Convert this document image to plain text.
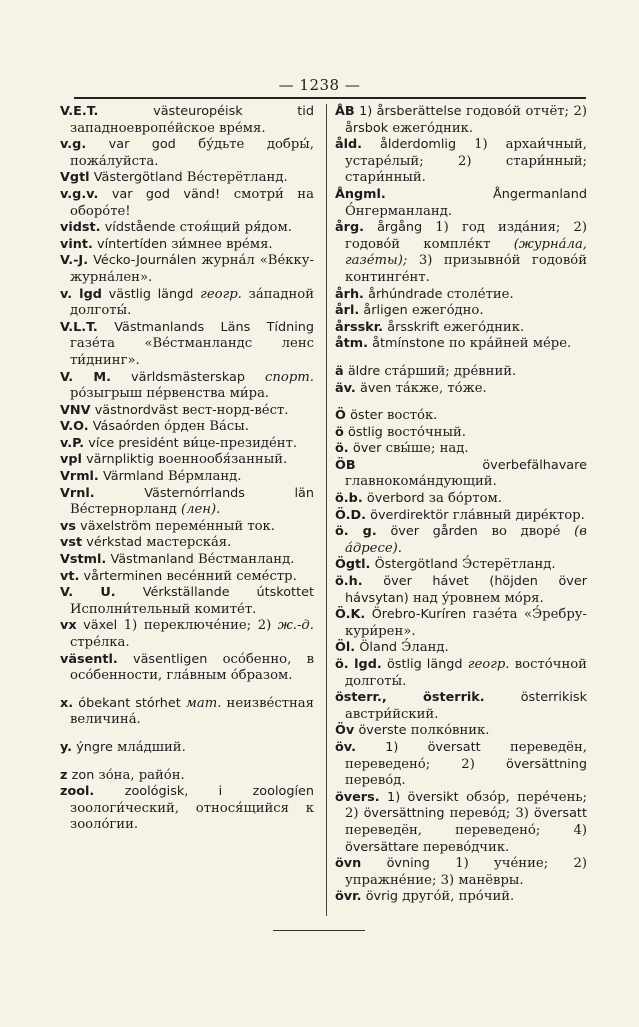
— 1238 —
V.E.T.	västeuropéisk tid западноевропе́йское вре́мя.
v.g. var god бу́дьте добры́, пожа́луйста.
Vgtl Västergötland Ве́стерётланд.
v.g.v. var god vänd! смотри́ на оборо́те!
vidst. vídstående стоя́щий ря́дом.
vint. víntertíden зи́мнее вре́мя.
V.-J. Vécko-Journálen журна́л «Ве́кку-журна́лен».
v. lgd västlig längd геогр. за́падной долготы́.
V.L.T. Västmanlands Läns Tídning газе́та «Ве́стманландс ленс ти́днинг».
V. M. världsmästerskap спорт. ро́зыгрыш пе́рвенства ми́ра.
VNV västnordväst вест-норд-ве́ст.
V.O. Vásaórden о́рден Ва́сы.
v.P. více presidént ви́це-президе́нт.
vpl värnpliktig военнообя́занный.
Vrml. Värmland Ве́рмланд.
Vrnl.	Västernórrlands län Ве́стернорланд (лен).
vs växelström переме́нный ток.
vst vérkstad мастерска́я.
Vstml. Västmanland Ве́стманланд.
vt. vårterminen весе́нний семе́стр.
V. U. Vérkställande útskottet Исполни́тельный комите́т.
vx växel 1) переключе́ние; 2) ж.-д. стре́лка.
väsentl. väsentligen осо́бенно, в осо́бенности, гла́вным о́бразом.
x. óbekant stórhet мат. неизве́стная величина́.
y. ýngre мла́дший.
z zon зо́на, райо́н.
zool. zoológisk, i zoologíen зоологи́ческий, относя́щийся к зооло́гии.
ÅB 1) årsberättelse годово́й отчёт; 2) årsbok ежего́дник.
åld. ålderdomlig 1) архаи́чный, устаре́лый; 2) стари́нный; стари́нный.
Ångml.	Ångermanland О́нгерманланд.
årg. årgång 1) год изда́ния; 2) годово́й компле́кт (журна́ла, газе́ты); 3) призывно́й годово́й континге́нт.
årh. århúndrade столе́тие.
årl. årligen ежего́дно.
årsskr. årsskrift ежего́дник.
åtm. åtmínstone по кра́йней ме́ре.
ä äldre ста́рший; дре́вний.
äv. även та́кже, то́же.
Ö öster восто́к.
ö östlig восто́чный.
ö. över свы́ше; над.
ÖB	överbefälhavare главнокома́ндующий.
ö.b. överbord за бо́ртом.
Ö.D. överdirektör гла́вный дире́ктор.
ö. g. över gården во дворе́ (в а́дресе).
Ögtl. Östergötland Э́стерётланд.
ö.h. över hávet (höjden över hávsytan) над у́ровнем мо́ря.
Ö.K. Örebro-Kuríren газе́та «Э́ребру-кури́рен».
Öl. Öland Э́ланд.
ö. lgd. östlig längd геогр. восто́чной долготы́.
österr., österrik.	österrikisk австри́йский.
Öv överste полко́вник.
öv. 1) översatt переведён, переведено́; 2) översättning перево́д.
övers. 1) översikt обзо́р, пере́чень; 2) översättning перево́д; 3) översatt переведён, переведено́; 4) översättare перево́дчик.
övn övning 1) уче́ние; 2) упражне́ние; 3) манёвры.
övr. övrig друго́й, про́чий.
